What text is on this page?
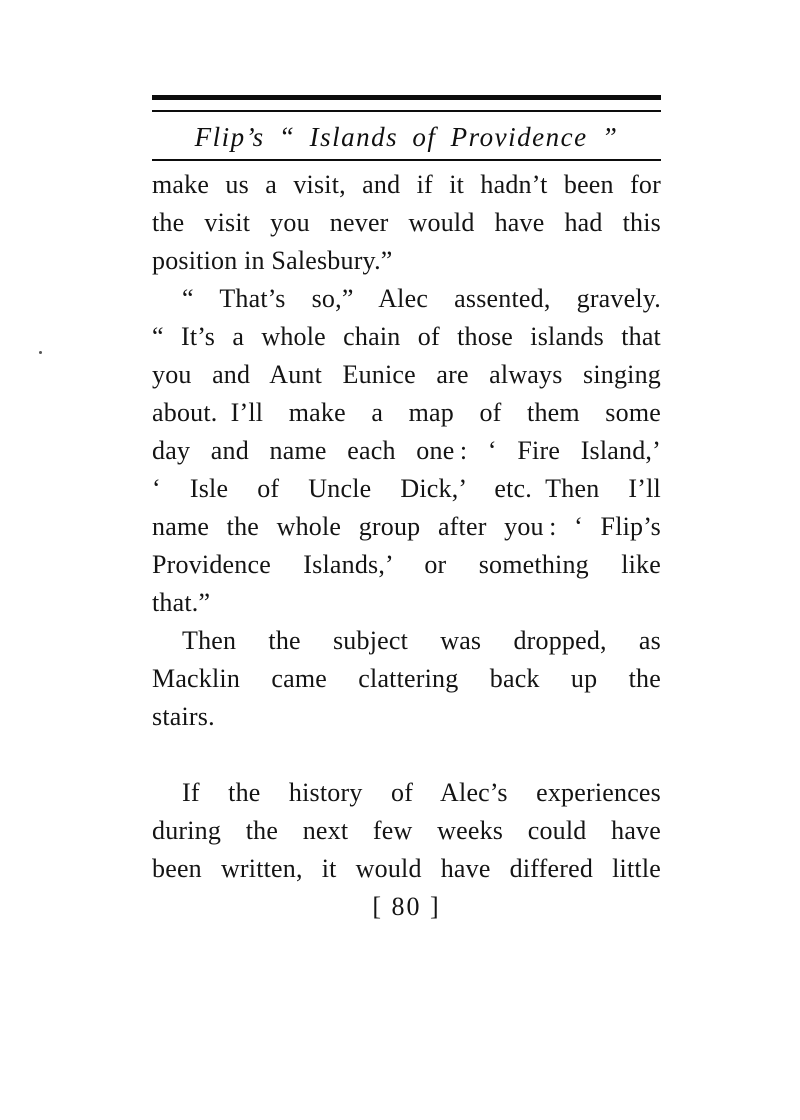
Flip’s “ Islands of Providence ”
make us a visit, and if it hadn’t been for
the visit you never would have had this
position in Salesbury.”
“ That’s so,” Alec assented, gravely.
“ It’s a whole chain of those islands that
you and Aunt Eunice are always singing
about. I’ll make a map of them some
day and name each one : ‘ Fire Island,’
‘ Isle of Uncle Dick,’ etc. Then I’ll
name the whole group after you : ‘ Flip’s
Providence Islands,’ or something like
that.”
Then the subject was dropped, as
Macklin came clattering back up the
stairs.
If the history of Alec’s experiences
during the next few weeks could have
been written, it would have differed little
[ 80 ]
